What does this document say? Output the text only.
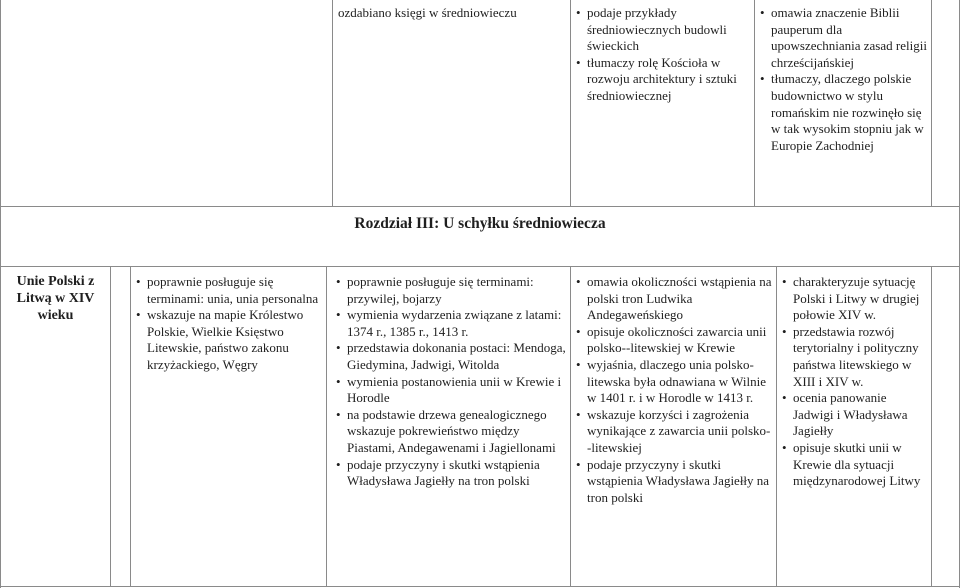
ozdabiano księgi w średniowieczu
•	podaje przykłady średniowiecznych budowli świeckich
• tłumaczy rolę Kościoła w rozwoju architektury i sztuki średniowiecznej
• omawia znaczenie Biblii pauperum dla upowszechniania zasad religii chrześcijańskiej
• tłumaczy, dlaczego polskie budownictwo w stylu romańskim nie rozwinęło się w tak wysokim stopniu jak w Europie Zachodniej
Rozdział III: U schyłku średniowiecza
Unie Polski z Litwą w XIV wieku
• poprawnie posługuje się terminami: unia, unia personalna
• wskazuje na mapie Królestwo Polskie, Wielkie Księstwo Litewskie, państwo zakonu krzyżackiego, Węgry
• poprawnie posługuje się terminami: przywilej, bojarzy
• wymienia wydarzenia związane z latami: 1374 r., 1385 r., 1413 r.
• przedstawia dokonania postaci: Mendoga, Giedymina, Jadwigi, Witolda
• wymienia postanowienia unii w Krewie i Horodle
• na podstawie drzewa genealogicznego wskazuje pokrewieństwo między Piastami, Andegawenami i Jagiellonami
• podaje przyczyny i skutki wstąpienia Władysława Jagiełły na tron polski
• omawia okoliczności wstąpienia na polski tron Ludwika Andegaweńskiego
• opisuje okoliczności zawarcia unii polsko--litewskiej w Krewie
• wyjaśnia, dlaczego unia polsko-litewska była odnawiana w Wilnie w 1401 r. i w Horodle w 1413 r.
• wskazuje korzyści i zagrożenia wynikające z zawarcia unii polsko- -litewskiej
• podaje przyczyny i skutki wstąpienia Władysława Jagiełły na tron polski
• charakteryzuje sytuację Polski i Litwy w drugiej połowie XIV w.
• przedstawia rozwój terytorialny i polityczny państwa litewskiego w XIII i XIV w.
• ocenia panowanie Jadwigi i Władysława Jagiełły
• opisuje skutki unii w Krewie dla sytuacji międzynarodowej Litwy
